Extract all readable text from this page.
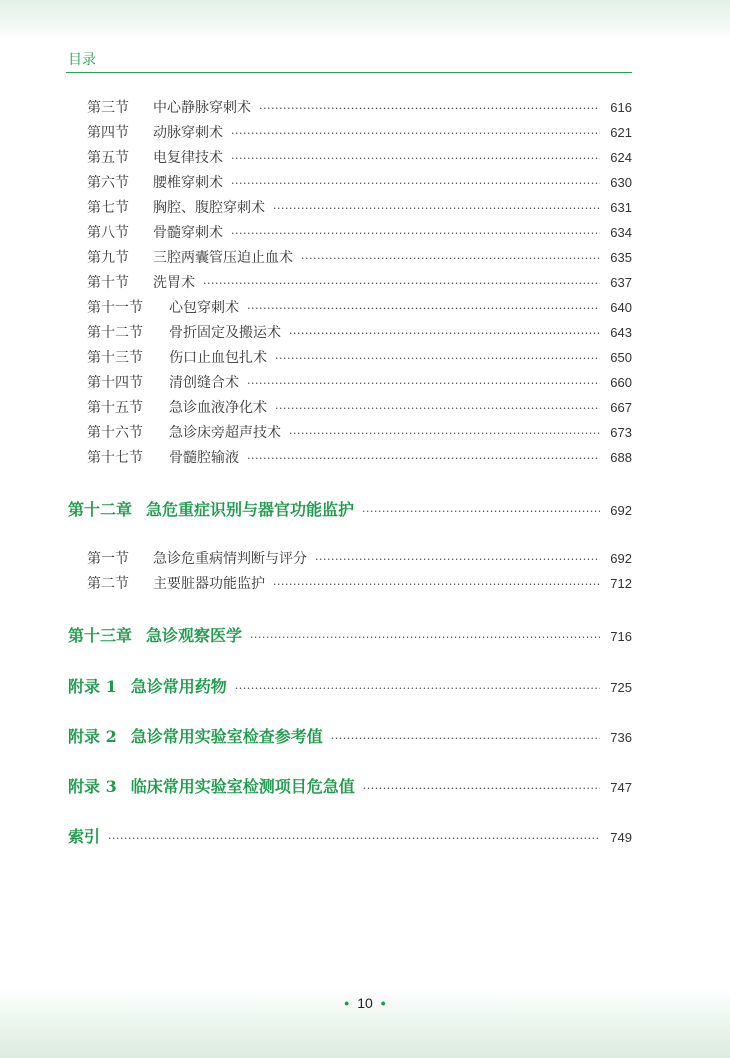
目录
第三节	中心静脉穿刺术 ·····	616
第四节	动脉穿刺术 ·····	621
第五节	电复律技术 ·····	624
第六节	腰椎穿刺术 ·····	630
第七节	胸腔、腹腔穿刺术 ·····	631
第八节	骨髓穿刺术 ·····	634
第九节	三腔两囊管压迫止血术 ·····	635
第十节	洗胃术 ·····	637
第十一节	心包穿刺术 ·····	640
第十二节	骨折固定及搬运术 ·····	643
第十三节	伤口止血包扎术 ·····	650
第十四节	清创缝合术 ·····	660
第十五节	急诊血液净化术 ·····	667
第十六节	急诊床旁超声技术 ·····	673
第十七节	骨髓腔输液 ·····	688
第十二章 急危重症识别与器官功能监护 ·····	692
第一节	急诊危重病情判断与评分 ·····	692
第二节	主要脏器功能监护 ·····	712
第十三章 急诊观察医学 ·····	716
附录 1 急诊常用药物 ·····	725
附录 2 急诊常用实验室检查参考值 ·····	736
附录 3 临床常用实验室检测项目危急值 ·····	747
索引 ·····	749
• 10 •
